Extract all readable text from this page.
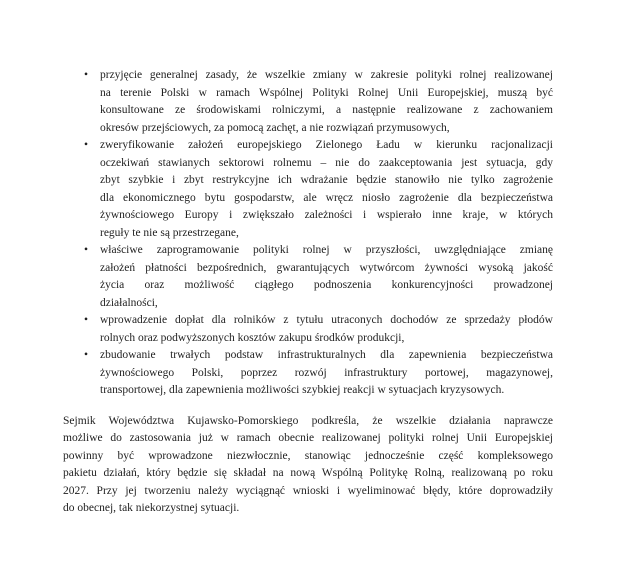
•	przyjęcie generalnej zasady, że wszelkie zmiany w zakresie polityki rolnej realizowanej
na terenie Polski w ramach Wspólnej Polityki Rolnej Unii Europejskiej, muszą być
konsultowane ze środowiskami rolniczymi, a następnie realizowane z zachowaniem
okresów przejściowych, za pomocą zachęt, a nie rozwiązań przymusowych,
•	zweryfikowanie założeń europejskiego Zielonego Ładu w kierunku racjonalizacji
oczekiwań stawianych sektorowi rolnemu – nie do zaakceptowania jest sytuacja, gdy
zbyt szybkie i zbyt restrykcyjne ich wdrażanie będzie stanowiło nie tylko zagrożenie
dla ekonomicznego bytu gospodarstw, ale wręcz niosło zagrożenie dla bezpieczeństwa
żywnościowego Europy i zwiększało zależności i wspierało inne kraje, w których
reguły te nie są przestrzegane,
•	właściwe zaprogramowanie polityki rolnej w przyszłości, uwzględniające zmianę
założeń płatności bezpośrednich, gwarantujących wytwórcom żywności wysoką jakość
życia oraz możliwość ciągłego podnoszenia konkurencyjności prowadzonej
działalności,
•	wprowadzenie dopłat dla rolników z tytułu utraconych dochodów ze sprzedaży płodów
rolnych oraz podwyższonych kosztów zakupu środków produkcji,
•	zbudowanie trwałych podstaw infrastrukturalnych dla zapewnienia bezpieczeństwa
żywnościowego Polski, poprzez rozwój infrastruktury portowej, magazynowej,
transportowej, dla zapewnienia możliwości szybkiej reakcji w sytuacjach kryzysowych.
Sejmik Województwa Kujawsko-Pomorskiego podkreśla, że wszelkie działania naprawcze
możliwe do zastosowania już w ramach obecnie realizowanej polityki rolnej Unii Europejskiej
powinny być wprowadzone niezwłocznie, stanowiąc jednocześnie część kompleksowego
pakietu działań, który będzie się składał na nową Wspólną Politykę Rolną, realizowaną po roku
2027. Przy jej tworzeniu należy wyciągnąć wnioski i wyeliminować błędy, które doprowadziły
do obecnej, tak niekorzystnej sytuacji.
